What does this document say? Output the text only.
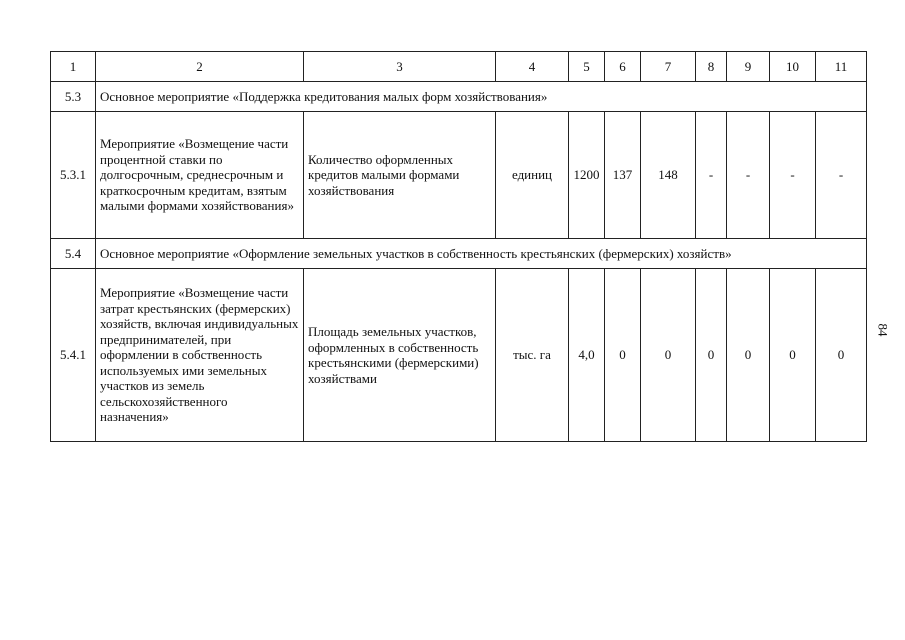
1	2	3	4	5	6	7	8	9	10	11
5.3	Основное мероприятие «Поддержка кредитования малых форм хозяйствования»									
5.3.1	Мероприятие «Возмещение части процентной ставки по долгосрочным, среднесрочным и краткосрочным кредитам, взятым малыми формами хозяйствования»	Количество оформленных кредитов малыми формами хозяйствования	единиц	1200	137	148	-	-	-	-
5.4	Основное мероприятие «Оформление земельных участков в собственность крестьянских (фермерских) хозяйств»									
5.4.1	Мероприятие «Возмещение части затрат крестьянских (фермерских) хозяйств, включая индивидуальных предпринимателей, при оформлении в собственность используемых ими земельных участков из земель сельскохозяйственного назначения»	Площадь земельных участков, оформленных в собственность крестьянскими (фермерскими) хозяйствами	тыс. га	4,0	0	0	0	0	0	0
84
